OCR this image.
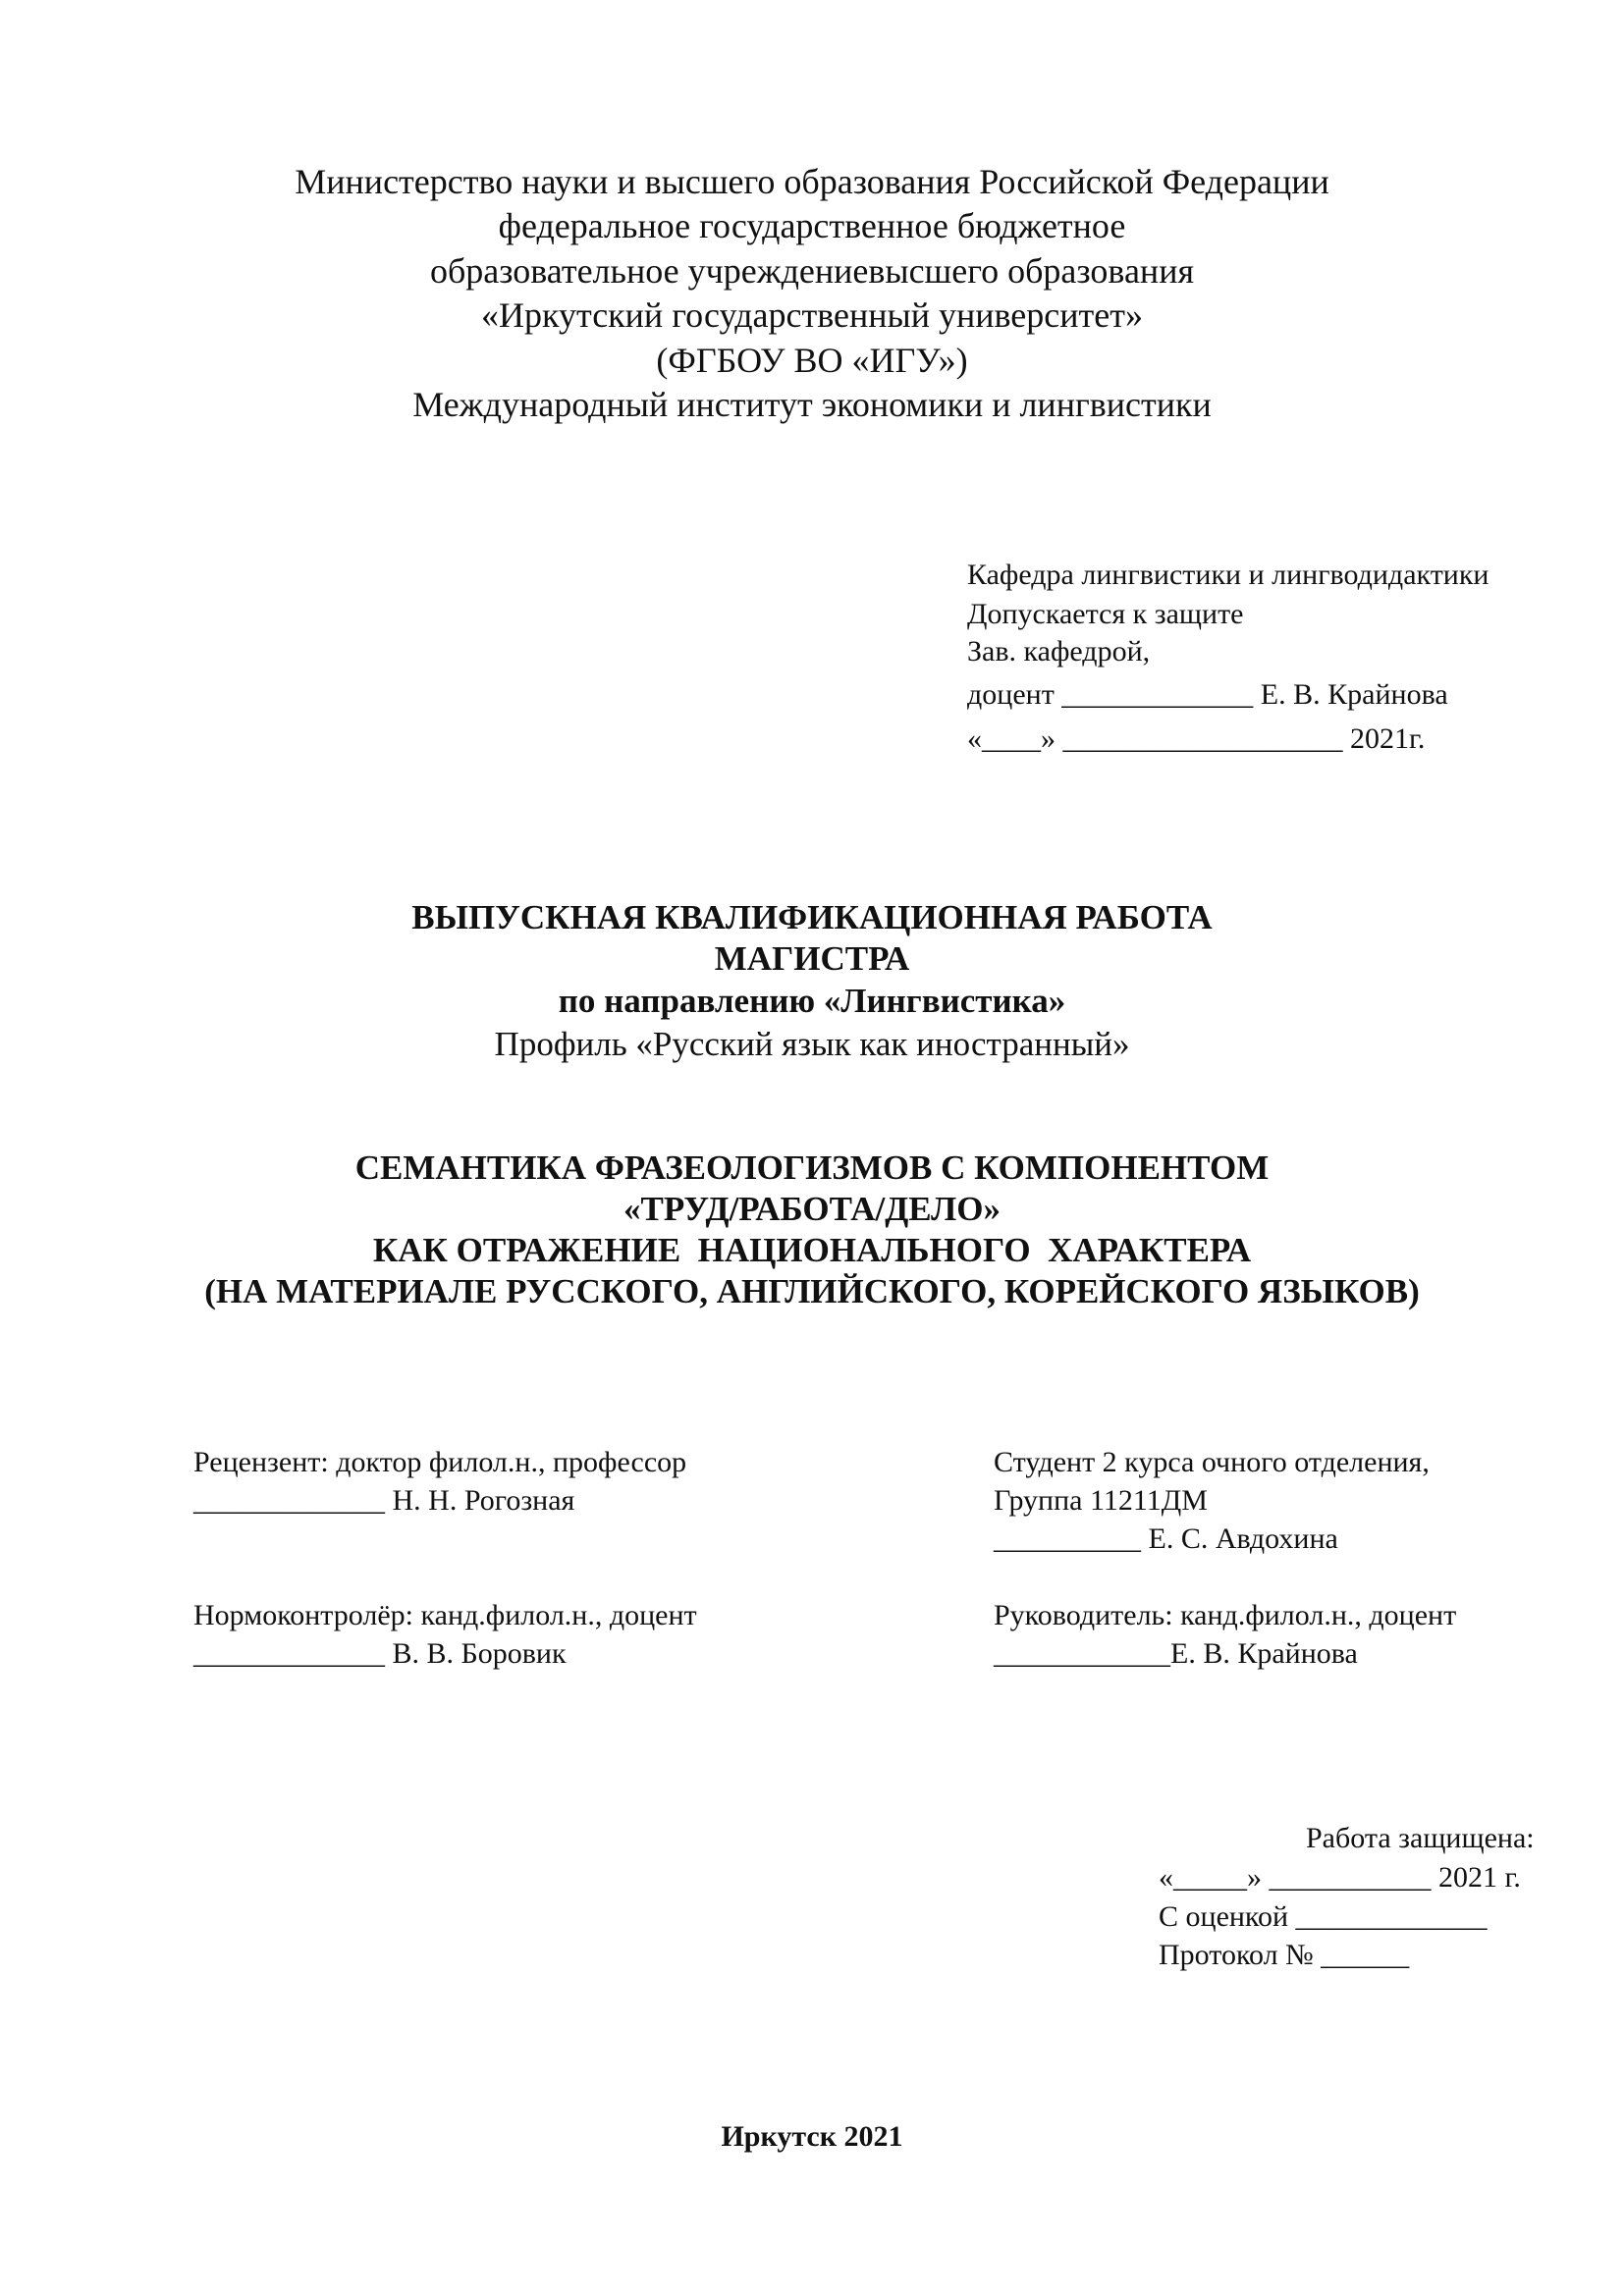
Министерство науки и высшего образования Российской Федерации

федеральное государственное бюджетное

образовательное учреждениевысшего образования

«Иркутский государственный университет»

(ФГБОУ ВО «ИГУ»)

Международный институт экономики и лингвистики

Кафедра лингвистики и лингводидактики

Допускается к защите

Зав. кафедрой,

доцент _____________ Е. В. Крайнова

«____» ___________________ 2021г.

ВЫПУСКНАЯ КВАЛИФИКАЦИОННАЯ РАБОТА

МАГИСТРА

по направлению «Лингвистика»

Профиль «Русский язык как иностранный»

СЕМАНТИКА ФРАЗЕОЛОГИЗМОВ С КОМПОНЕНТОМ

«ТРУД/РАБОТА/ДЕЛО»

КАК ОТРАЖЕНИЕ  НАЦИОНАЛЬНОГО  ХАРАКТЕРА

(НА МАТЕРИАЛЕ РУССКОГО, АНГЛИЙСКОГО, КОРЕЙСКОГО ЯЗЫКОВ)

Рецензент: доктор филол.н., профессор

_____________ Н. Н. Рогозная

Нормоконтролёр: канд.филол.н., доцент

_____________ В. В. Боровик

Студент 2 курса очного отделения,

Группа 11211ДМ

__________ Е. С. Авдохина

Руководитель: канд.филол.н., доцент

____________Е. В. Крайнова

Работа защищена:

«_____» ___________ 2021 г.

С оценкой _____________

Протокол № ______

Иркутск 2021
